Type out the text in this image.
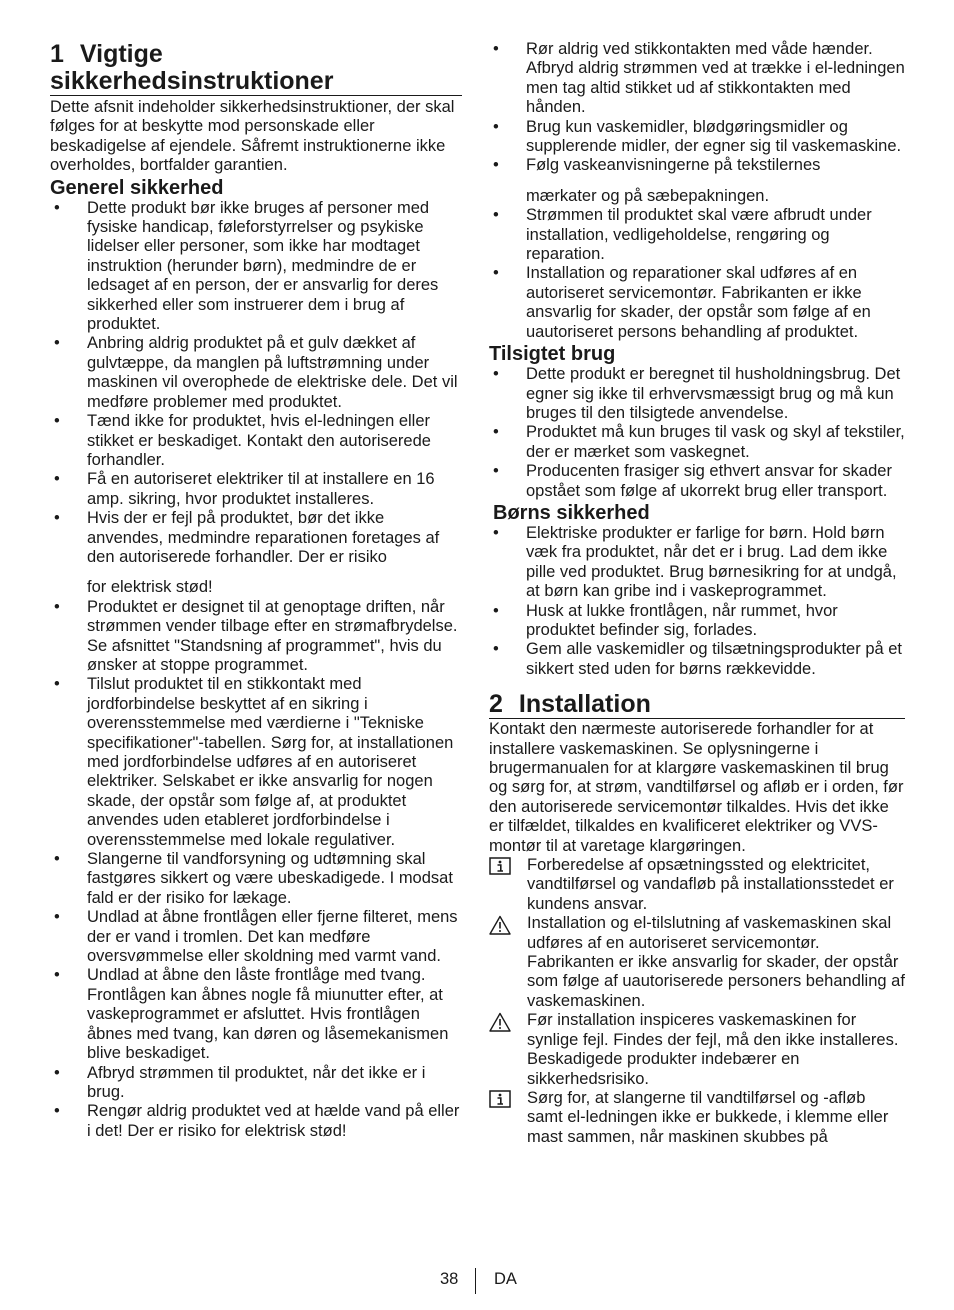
1 Vigtige
sikkerhedsinstruktioner

Dette afsnit indeholder sikkerhedsinstruktioner, der skal følges for at beskytte mod personskade eller beskadigelse af ejendele. Såfremt instruktionerne ikke overholdes, bortfalder garantien.

Generel sikkerhed
• Dette produkt bør ikke bruges af personer med fysiske handicap, føleforstyrrelser og psykiske lidelser eller personer, som ikke har modtaget instruktion (herunder børn), medmindre de er ledsaget af en person, der er ansvarlig for deres sikkerhed eller som instruerer dem i brug af produktet.
• Anbring aldrig produktet på et gulv dækket af gulvtæppe, da manglen på luftstrømning under maskinen vil overophede de elektriske dele. Det vil medføre problemer med produktet.
• Tænd ikke for produktet, hvis el-ledningen eller stikket er beskadiget. Kontakt den autoriserede forhandler.
• Få en autoriseret elektriker til at installere en 16 amp. sikring, hvor produktet installeres.
• Hvis der er fejl på produktet, bør det ikke anvendes, medmindre reparationen foretages af den autoriserede forhandler. Der er risiko
for elektrisk stød!
• Produktet er designet til at genoptage driften, når strømmen vender tilbage efter en strømafbrydelse. Se afsnittet "Standsning af programmet", hvis du ønsker at stoppe programmet.
• Tilslut produktet til en stikkontakt med jordforbindelse beskyttet af en sikring i overensstemmelse med værdierne i "Tekniske specifikationer"-tabellen. Sørg for, at installationen med jordforbindelse udføres af en autoriseret elektriker. Selskabet er ikke ansvarlig for nogen skade, der opstår som følge af, at produktet anvendes uden etableret jordforbindelse i overensstemmelse med lokale regulativer.
• Slangerne til vandforsyning og udtømning skal fastgøres sikkert og være ubeskadigede. I modsat fald er der risiko for lækage.
• Undlad at åbne frontlågen eller fjerne filteret, mens der er vand i tromlen. Det kan medføre oversvømmelse eller skoldning med varmt vand.
• Undlad at åbne den låste frontlåge med tvang. Frontlågen kan åbnes nogle få miunutter efter, at vaskeprogrammet er afsluttet. Hvis frontlågen åbnes med tvang, kan døren og låsemekanismen blive beskadiget.
• Afbryd strømmen til produktet, når det ikke er i brug.
• Rengør aldrig produktet ved at hælde vand på eller i det! Der er risiko for elektrisk stød!
• Rør aldrig ved stikkontakten med våde hænder. Afbryd aldrig strømmen ved at trække i el-ledningen men tag altid stikket ud af stikkontakten med hånden.
• Brug kun vaskemidler, blødgøringsmidler og supplerende midler, der egner sig til vaskemaskine.
• Følg vaskeanvisningerne på tekstilernes
mærkater og på sæbepakningen.
• Strømmen til produktet skal være afbrudt under installation, vedligeholdelse, rengøring og reparation.
• Installation og reparationer skal udføres af en autoriseret servicemontør. Fabrikanten er ikke ansvarlig for skader, der opstår som følge af en uautoriseret persons behandling af produktet.
Tilsigtet brug
• Dette produkt er beregnet til husholdningsbrug. Det egner sig ikke til erhvervsmæssigt brug og må kun bruges til den tilsigtede anvendelse.
• Produktet må kun bruges til vask og skyl af tekstiler, der er mærket som vaskegnet.
• Producenten frasiger sig ethvert ansvar for skader opstået som følge af ukorrekt brug eller transport.
Børns sikkerhed
• Elektriske produkter er farlige for børn. Hold børn væk fra produktet, når det er i brug. Lad dem ikke pille ved produktet. Brug børnesikring for at undgå, at børn kan gribe ind i vaskeprogrammet.
• Husk at lukke frontlågen, når rummet, hvor produktet befinder sig, forlades.
• Gem alle vaskemidler og tilsætningsprodukter på et sikkert sted uden for børns rækkevidde.
2 Installation

Kontakt den nærmeste autoriserede forhandler for at installere vaskemaskinen. Se oplysningerne i brugermanualen for at klargøre vaskemaskinen til brug og sørg for, at strøm, vandtilførsel og afløb er i orden, før den autoriserede servicemontør tilkaldes. Hvis det ikke er tilfældet, tilkaldes en kvalificeret elektriker og VVS-montør til at varetage klargøringen.

Forberedelse af opsætningssted og elektricitet, vandtilførsel og vandafløb på installationsstedet er kundens ansvar.
Installation og el-tilslutning af vaskemaskinen skal udføres af en autoriseret servicemontør. Fabrikanten er ikke ansvarlig for skader, der opstår som følge af uautoriserede personers behandling af vaskemaskinen.
Før installation inspiceres vaskemaskinen for synlige fejl. Findes der fejl, må den ikke installeres. Beskadigede produkter indebærer en sikkerhedsrisiko.
Sørg for, at slangerne til vandtilførsel og -afløb samt el-ledningen ikke er bukkede, i klemme eller mast sammen, når maskinen skubbes på
38 DA
